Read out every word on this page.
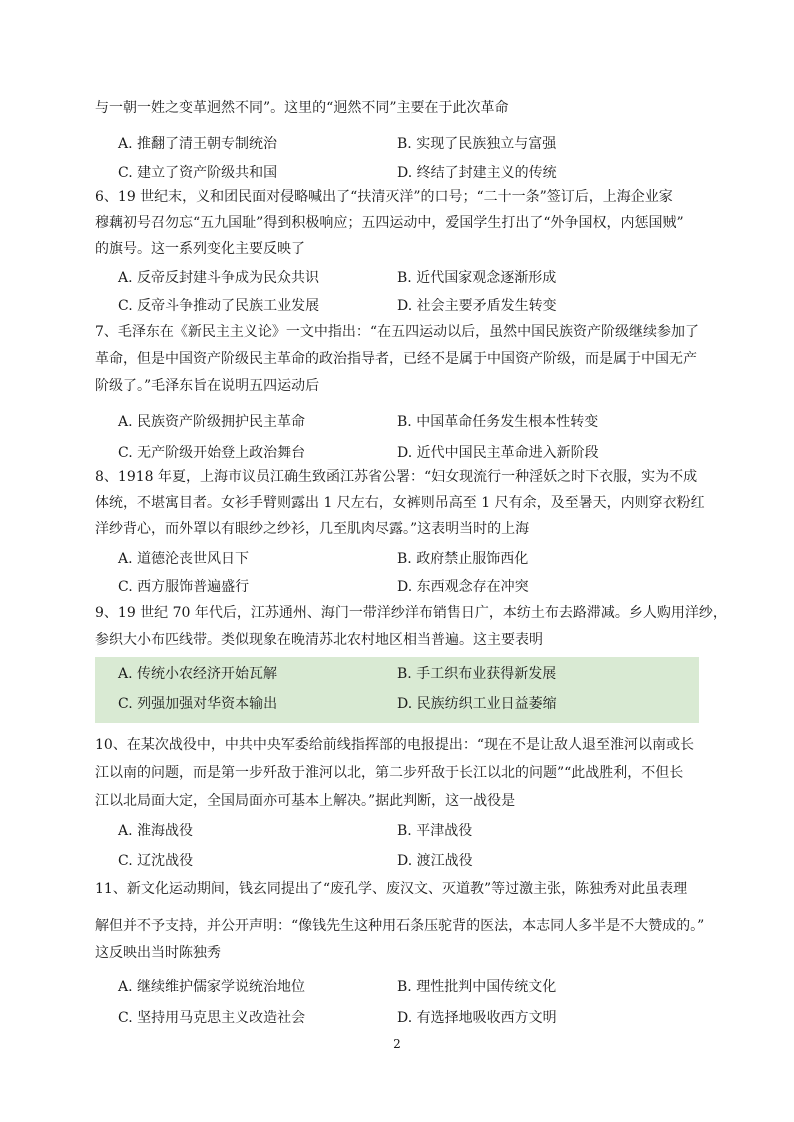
与一朝一姓之变革迥然不同”。这里的“迥然不同”主要在于此次革命
A. 推翻了清王朝专制统治	B. 实现了民族独立与富强
C. 建立了资产阶级共和国	D. 终结了封建主义的传统
6、19 世纪末，义和团民面对侵略喊出了“扶清灭洋”的口号；“二十一条”签订后，上海企业家
穆藕初号召勿忘“五九国耻”得到积极响应；五四运动中，爱国学生打出了“外争国权，内惩国贼”
的旗号。这一系列变化主要反映了
A. 反帝反封建斗争成为民众共识	B. 近代国家观念逐渐形成
C. 反帝斗争推动了民族工业发展	D. 社会主要矛盾发生转变
7、毛泽东在《新民主主义论》一文中指出：“在五四运动以后，虽然中国民族资产阶级继续参加了
革命，但是中国资产阶级民主革命的政治指导者，已经不是属于中国资产阶级，而是属于中国无产
阶级了。”毛泽东旨在说明五四运动后
A. 民族资产阶级拥护民主革命	B. 中国革命任务发生根本性转变
C. 无产阶级开始登上政治舞台	D. 近代中国民主革命进入新阶段
8、1918 年夏，上海市议员江确生致函江苏省公署：“妇女现流行一种淫妖之时下衣服，实为不成
体统，不堪寓目者。女衫手臂则露出 1 尺左右，女裤则吊高至 1 尺有余，及至暑天，内则穿衣粉红
洋纱背心，而外罩以有眼纱之纱衫，几至肌肉尽露。”这表明当时的上海
A. 道德沦丧世风日下	B. 政府禁止服饰西化
C. 西方服饰普遍盛行	D. 东西观念存在冲突
9、19 世纪 70 年代后，江苏通州、海门一带洋纱洋布销售日广，本纺土布去路滞减。乡人购用洋纱，
参织大小布匹线带。类似现象在晚清苏北农村地区相当普遍。这主要表明
A. 传统小农经济开始瓦解	B. 手工织布业获得新发展
C. 列强加强对华资本输出	D. 民族纺织工业日益萎缩
10、在某次战役中，中共中央军委给前线指挥部的电报提出：“现在不是让敌人退至淮河以南或长
江以南的问题，而是第一步歼敌于淮河以北，第二步歼敌于长江以北的问题”“此战胜利，不但长
江以北局面大定，全国局面亦可基本上解决。”据此判断，这一战役是
A. 淮海战役	B. 平津战役
C. 辽沈战役	D. 渡江战役
11、新文化运动期间，钱玄同提出了“废孔学、废汉文、灭道教”等过激主张，陈独秀对此虽表理
解但并不予支持，并公开声明：“像钱先生这种用石条压驼背的医法，本志同人多半是不大赞成的。”
这反映出当时陈独秀
A. 继续维护儒家学说统治地位	B. 理性批判中国传统文化
C. 坚持用马克思主义改造社会	D. 有选择地吸收西方文明
2
